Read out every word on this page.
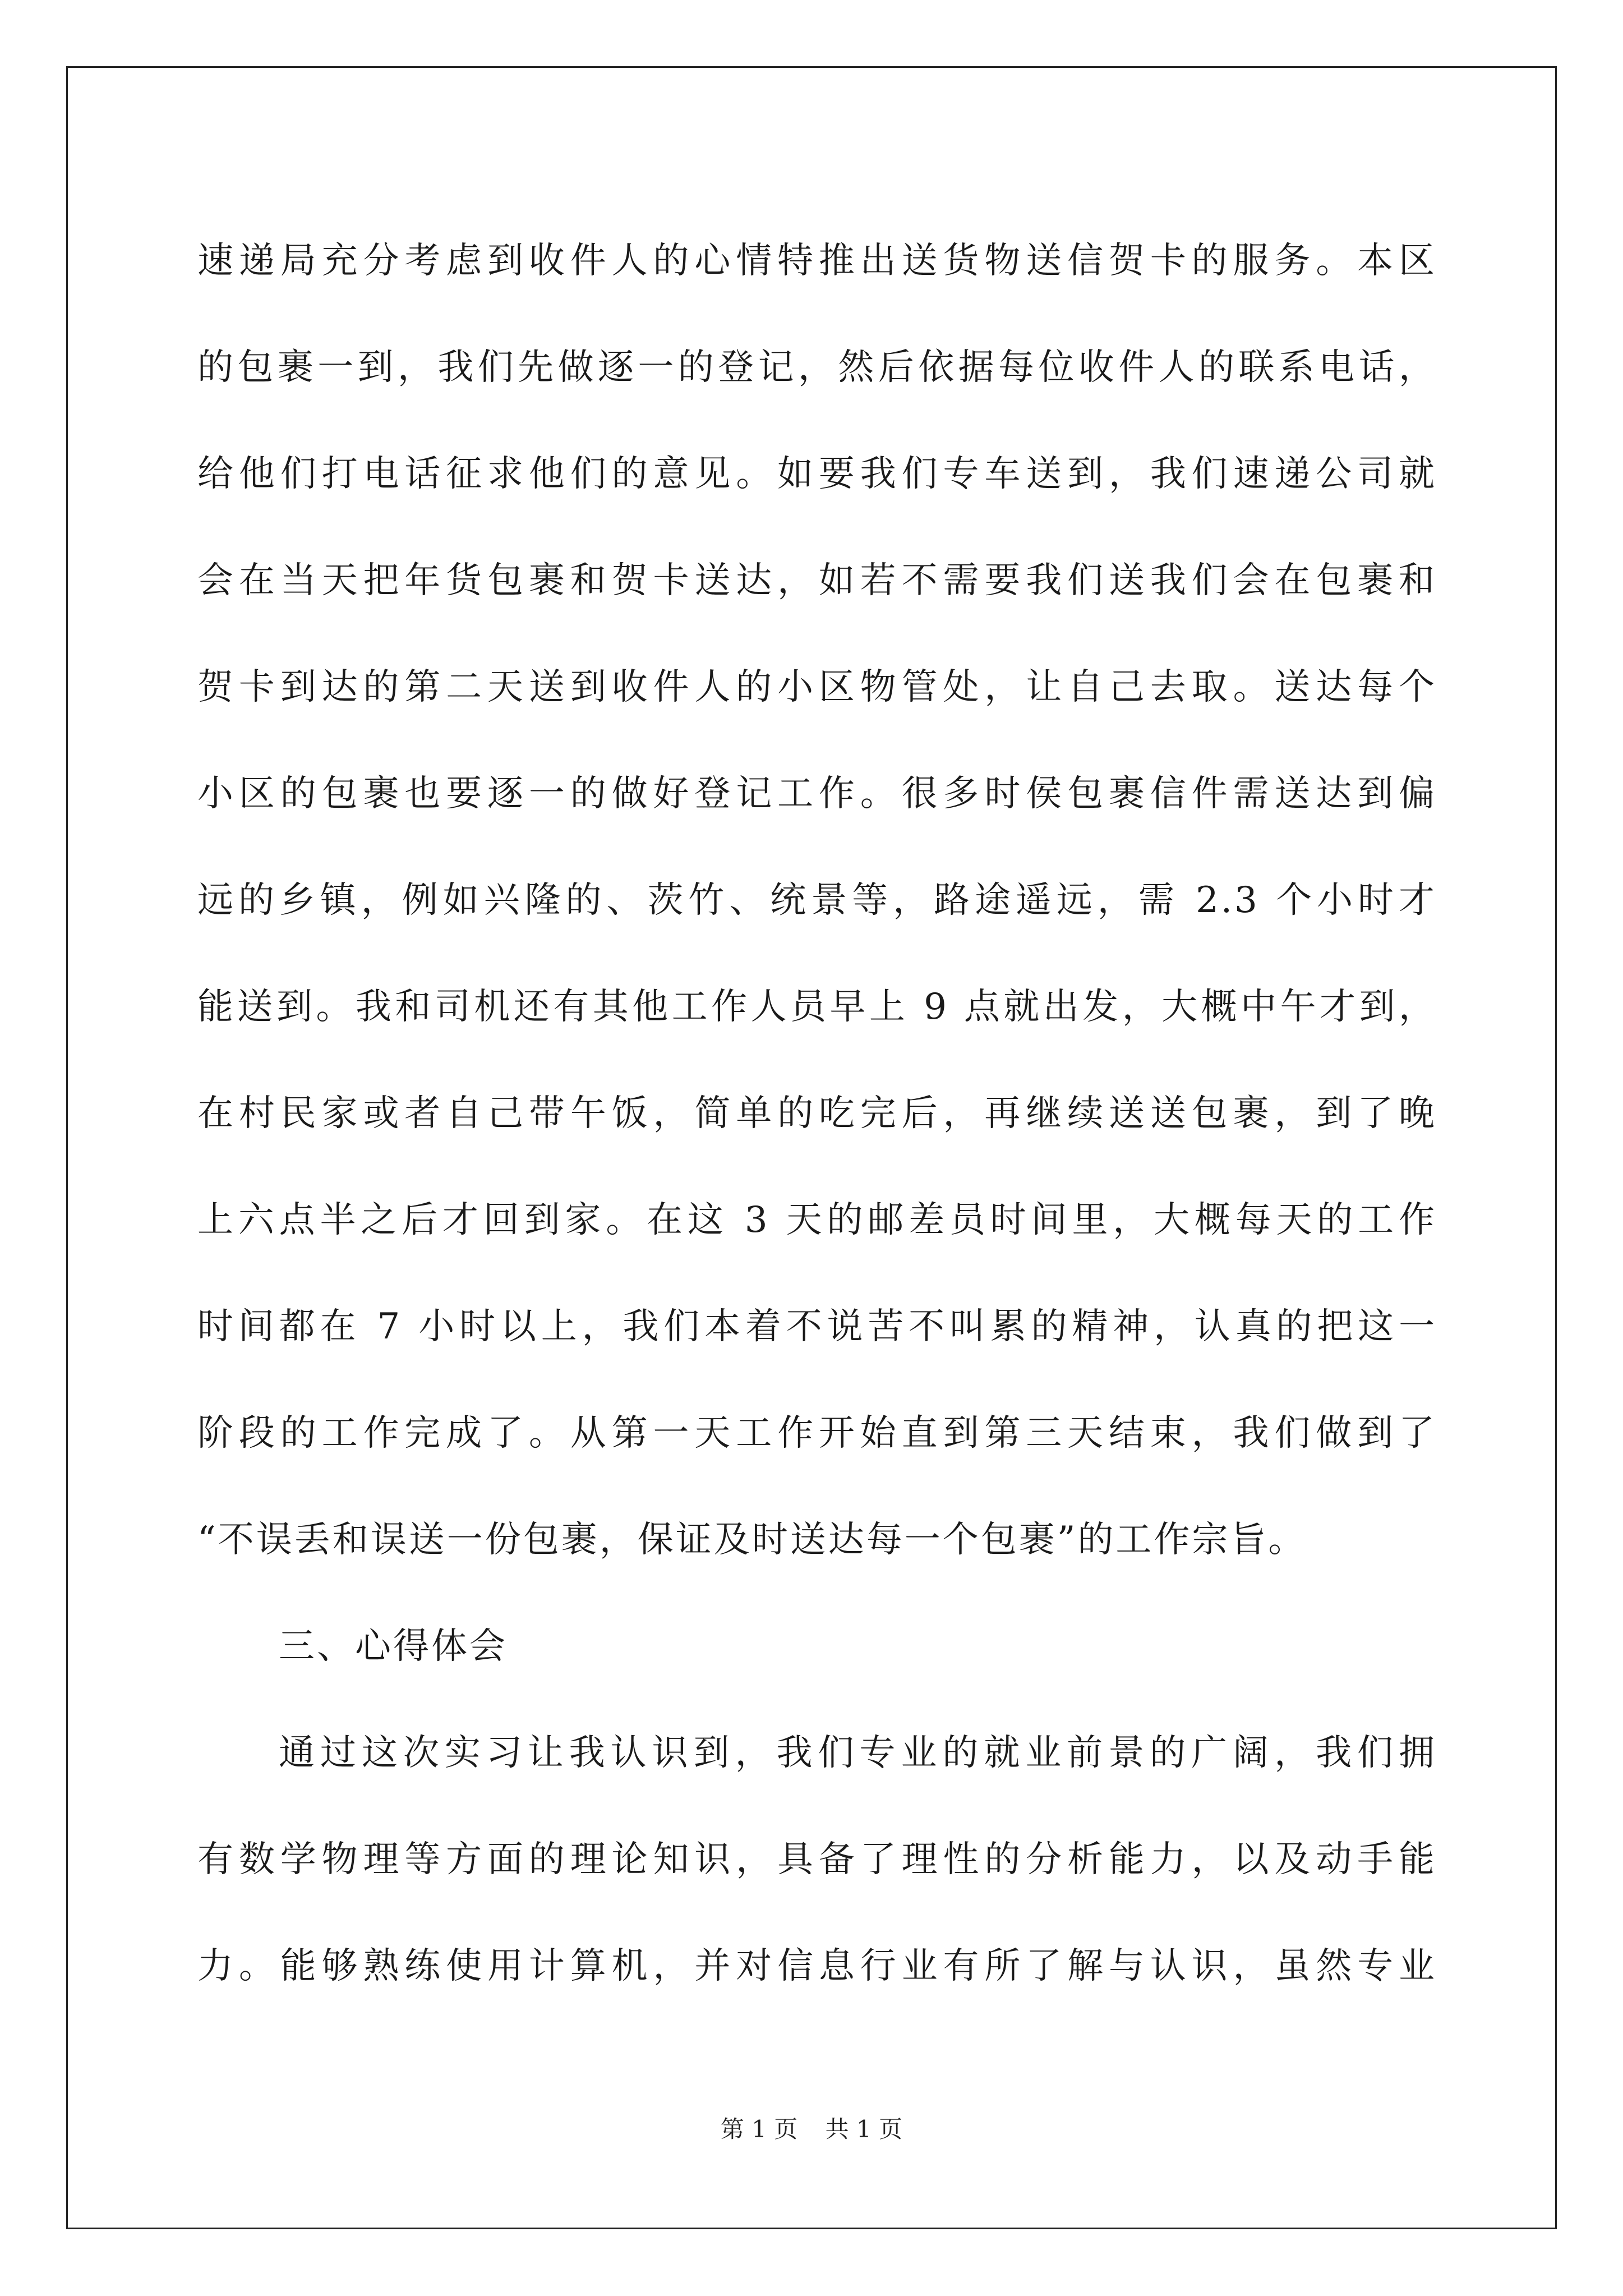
速递局充分考虑到收件人的心情特推出送货物送信贺卡的服务。本区
的包裹一到，我们先做逐一的登记，然后依据每位收件人的联系电话，
给他们打电话征求他们的意见。如要我们专车送到，我们速递公司就
会在当天把年货包裹和贺卡送达，如若不需要我们送我们会在包裹和
贺卡到达的第二天送到收件人的小区物管处，让自己去取。送达每个
小区的包裹也要逐一的做好登记工作。很多时侯包裹信件需送达到偏
远的乡镇，例如兴隆的、茨竹、统景等，路途遥远，需 2.3 个小时才
能送到。我和司机还有其他工作人员早上 9 点就出发，大概中午才到，
在村民家或者自己带午饭，简单的吃完后，再继续送送包裹，到了晚
上六点半之后才回到家。在这 3 天的邮差员时间里，大概每天的工作
时间都在 7 小时以上，我们本着不说苦不叫累的精神，认真的把这一
阶段的工作完成了。从第一天工作开始直到第三天结束，我们做到了
“不误丢和误送一份包裹，保证及时送达每一个包裹”的工作宗旨。
三、心得体会
通过这次实习让我认识到，我们专业的就业前景的广阔，我们拥
有数学物理等方面的理论知识，具备了理性的分析能力，以及动手能
力。能够熟练使用计算机，并对信息行业有所了解与认识，虽然专业
第 1 页 共 1 页
